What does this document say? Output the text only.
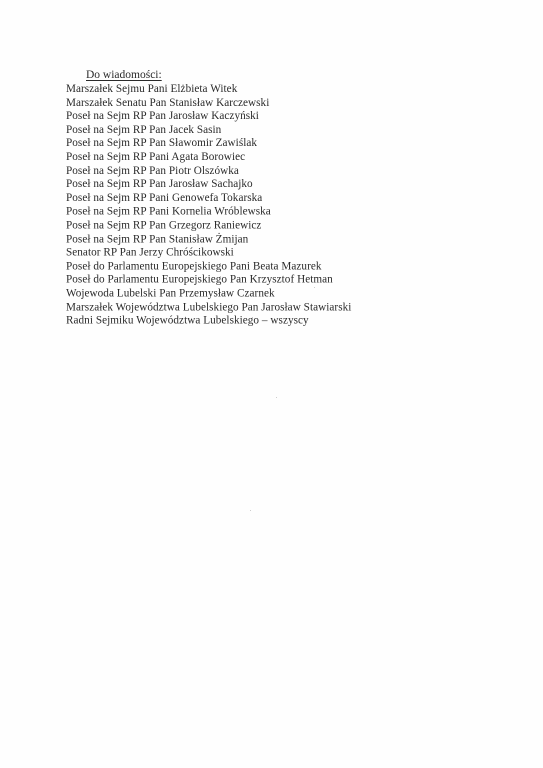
Do wiadomości:
Marszałek Sejmu Pani Elżbieta Witek
Marszałek Senatu Pan Stanisław Karczewski
Poseł na Sejm RP Pan Jarosław Kaczyński
Poseł na Sejm RP Pan Jacek Sasin
Poseł na Sejm RP Pan Sławomir Zawiślak
Poseł na Sejm RP Pani Agata Borowiec
Poseł na Sejm RP Pan Piotr Olszówka
Poseł na Sejm RP Pan Jarosław Sachajko
Poseł na Sejm RP Pani Genowefa Tokarska
Poseł na Sejm RP Pani Kornelia Wróblewska
Poseł na Sejm RP Pan Grzegorz Raniewicz
Poseł na Sejm RP Pan Stanisław Żmijan
Senator RP Pan Jerzy Chróścikowski
Poseł do Parlamentu Europejskiego Pani Beata Mazurek
Poseł do Parlamentu Europejskiego Pan Krzysztof Hetman
Wojewoda Lubelski Pan Przemysław Czarnek
Marszałek Województwa Lubelskiego Pan Jarosław Stawiarski
Radni Sejmiku Województwa Lubelskiego – wszyscy
